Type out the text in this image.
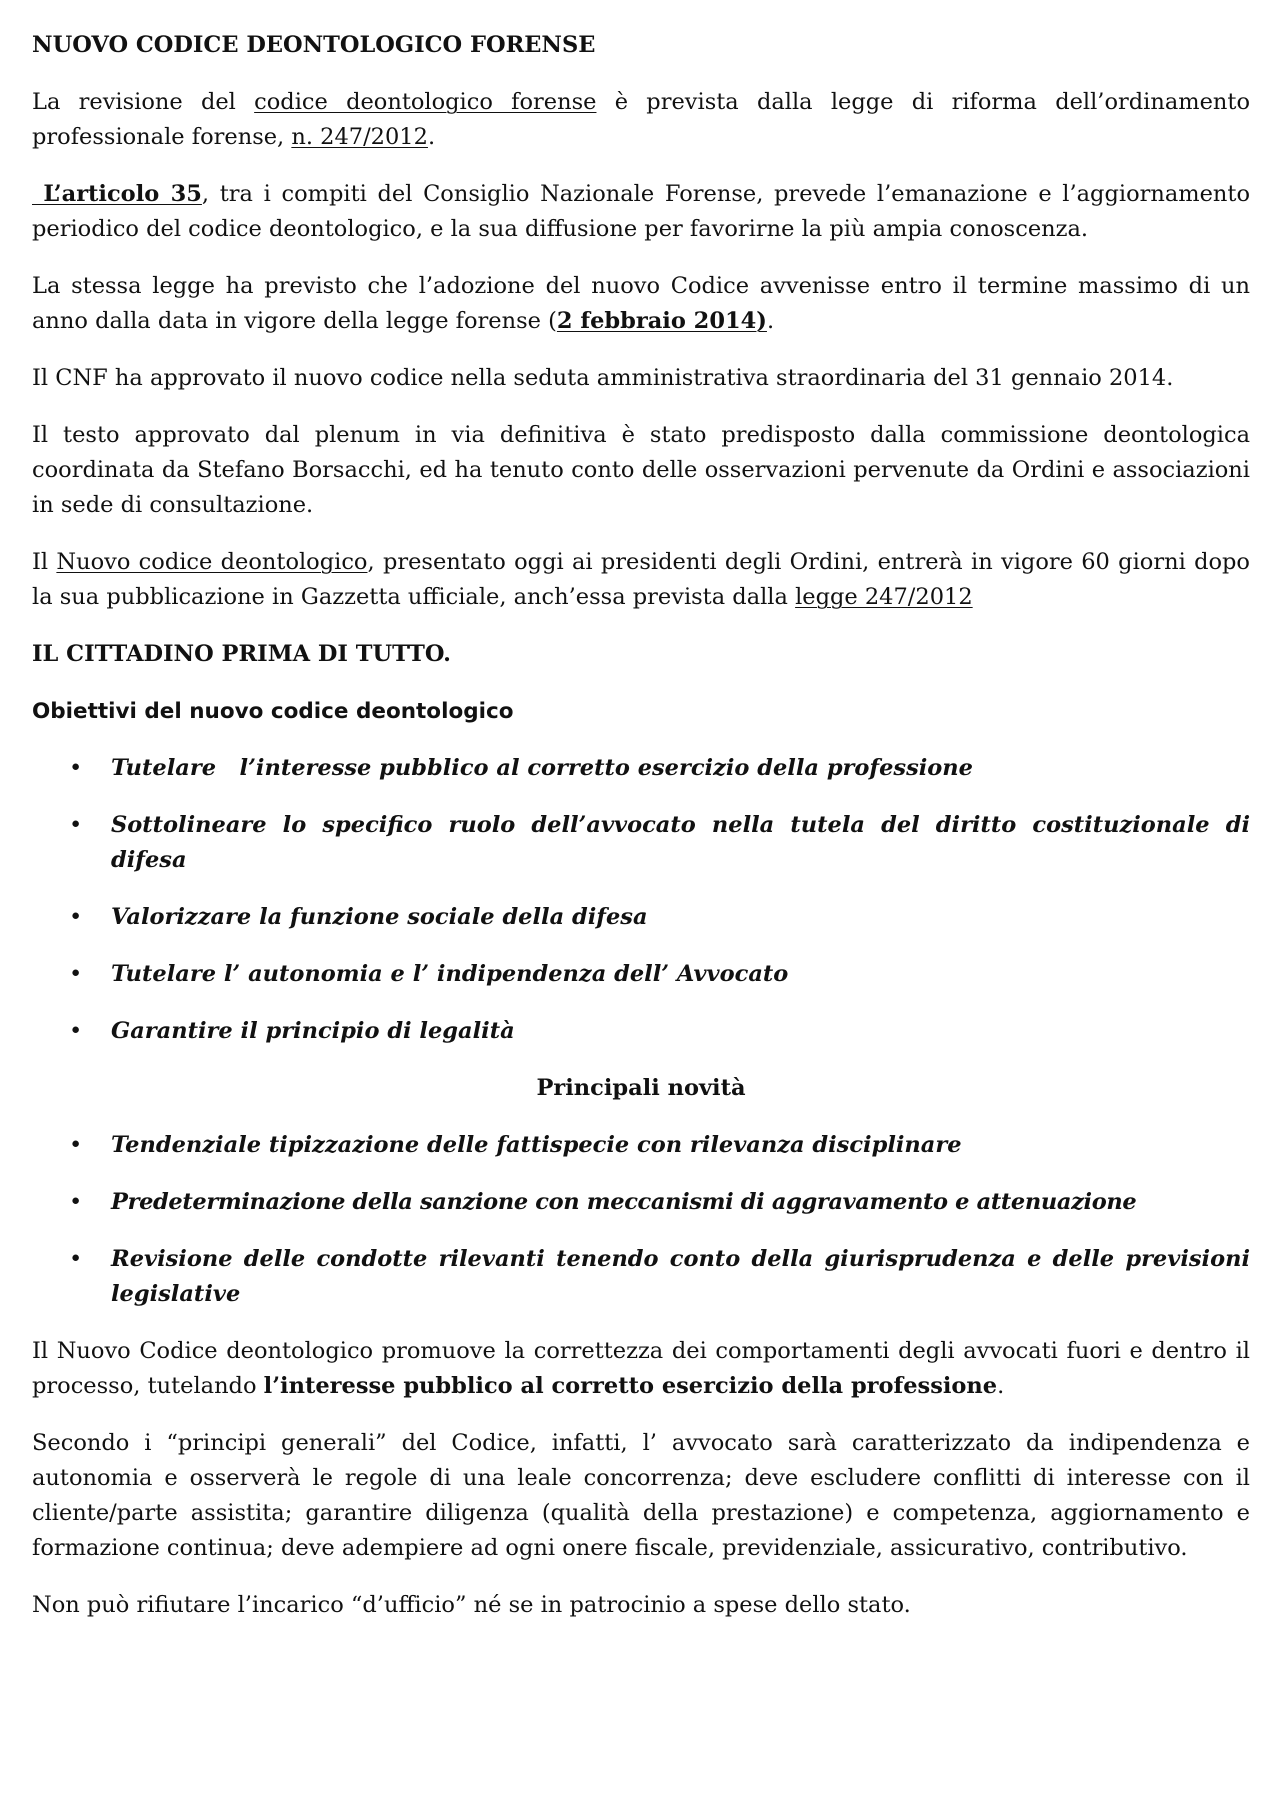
NUOVO CODICE DEONTOLOGICO FORENSE

La revisione del codice deontologico forense è prevista dalla legge di riforma dell’ordinamento professionale forense, n. 247/2012.

L’articolo 35, tra i compiti del Consiglio Nazionale Forense, prevede l’emanazione e l’aggiornamento periodico del codice deontologico, e la sua diffusione per favorirne la più ampia conoscenza.

La stessa legge ha previsto che l’adozione del nuovo Codice avvenisse entro il termine massimo di un anno dalla data in vigore della legge forense (2 febbraio 2014).

Il CNF ha approvato il nuovo codice nella seduta amministrativa straordinaria del 31 gennaio 2014.

Il testo approvato dal plenum in via definitiva è stato predisposto dalla commissione deontologica coordinata da Stefano Borsacchi, ed ha tenuto conto delle osservazioni pervenute da Ordini e associazioni in sede di consultazione.

Il Nuovo codice deontologico, presentato oggi ai presidenti degli Ordini, entrerà in vigore 60 giorni dopo la sua pubblicazione in Gazzetta ufficiale, anch’essa prevista dalla legge 247/2012

IL CITTADINO PRIMA DI TUTTO.
Obiettivi del nuovo codice deontologico
• Tutelare   l’interesse pubblico al corretto esercizio della professione
• Sottolineare lo specifico ruolo dell’avvocato nella tutela del diritto costituzionale di difesa
• Valorizzare la funzione sociale della difesa
• Tutelare l’ autonomia e l’ indipendenza dell’ Avvocato
• Garantire il principio di legalità
Principali novità
• Tendenziale tipizzazione delle fattispecie con rilevanza disciplinare
• Predeterminazione della sanzione con meccanismi di aggravamento e attenuazione
• Revisione delle condotte rilevanti tenendo conto della giurisprudenza e delle previsioni legislative

Il Nuovo Codice deontologico promuove la correttezza dei comportamenti degli avvocati fuori e dentro il processo, tutelando l’interesse pubblico al corretto esercizio della professione.

Secondo i “principi generali” del Codice, infatti, l’ avvocato sarà caratterizzato da indipendenza e autonomia e osserverà le regole di una leale concorrenza; deve escludere conflitti di interesse con il cliente/parte assistita; garantire diligenza (qualità della prestazione) e competenza, aggiornamento e formazione continua; deve adempiere ad ogni onere fiscale, previdenziale, assicurativo, contributivo.

Non può rifiutare l’incarico “d’ufficio” né se in patrocinio a spese dello stato.
